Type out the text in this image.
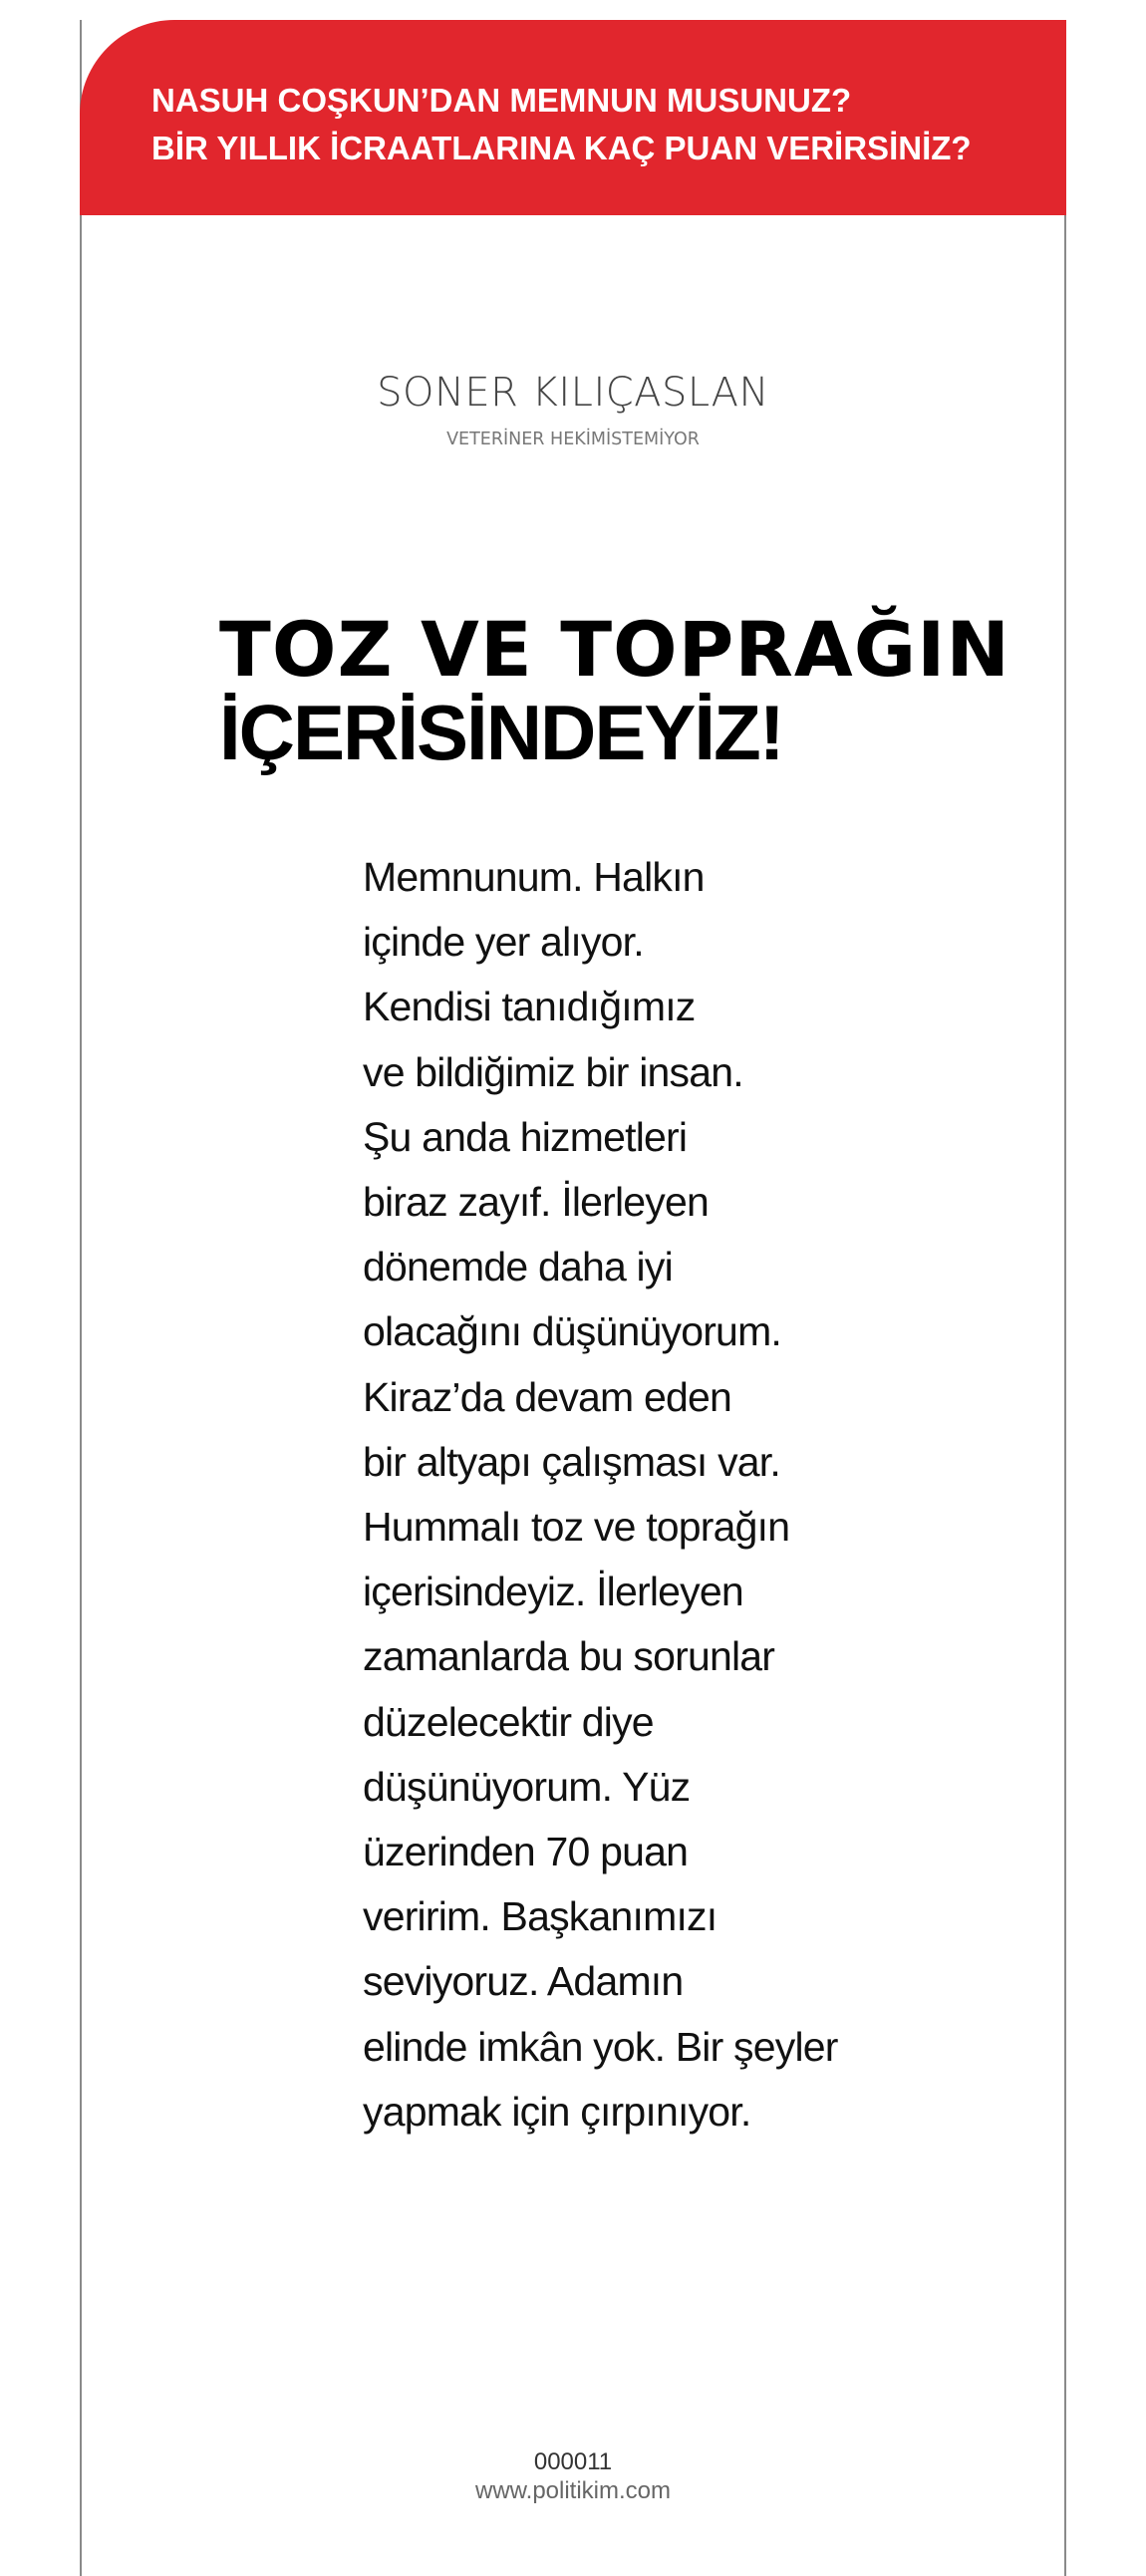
NASUH COŞKUN’DAN MEMNUN MUSUNUZ?
BİR YILLIK İCRAATLARINA KAÇ PUAN VERİRSİNİZ?
SONER KILIÇASLAN
VETERİNER HEKİMİSTEMİYOR
TOZ VE TOPRAĞIN
İÇERİSİNDEYİZ!
Memnunum. Halkın
içinde yer alıyor.
Kendisi tanıdığımız
ve bildiğimiz bir insan.
Şu anda hizmetleri
biraz zayıf. İlerleyen
dönemde daha iyi
olacağını düşünüyorum.
Kiraz’da devam eden
bir altyapı çalışması var.
Hummalı toz ve toprağın
içerisindeyiz. İlerleyen
zamanlarda bu sorunlar
düzelecektir diye
düşünüyorum. Yüz
üzerinden 70 puan
veririm. Başkanımızı
seviyoruz. Adamın
elinde imkân yok. Bir şeyler
yapmak için çırpınıyor.
000011
www.politikim.com
